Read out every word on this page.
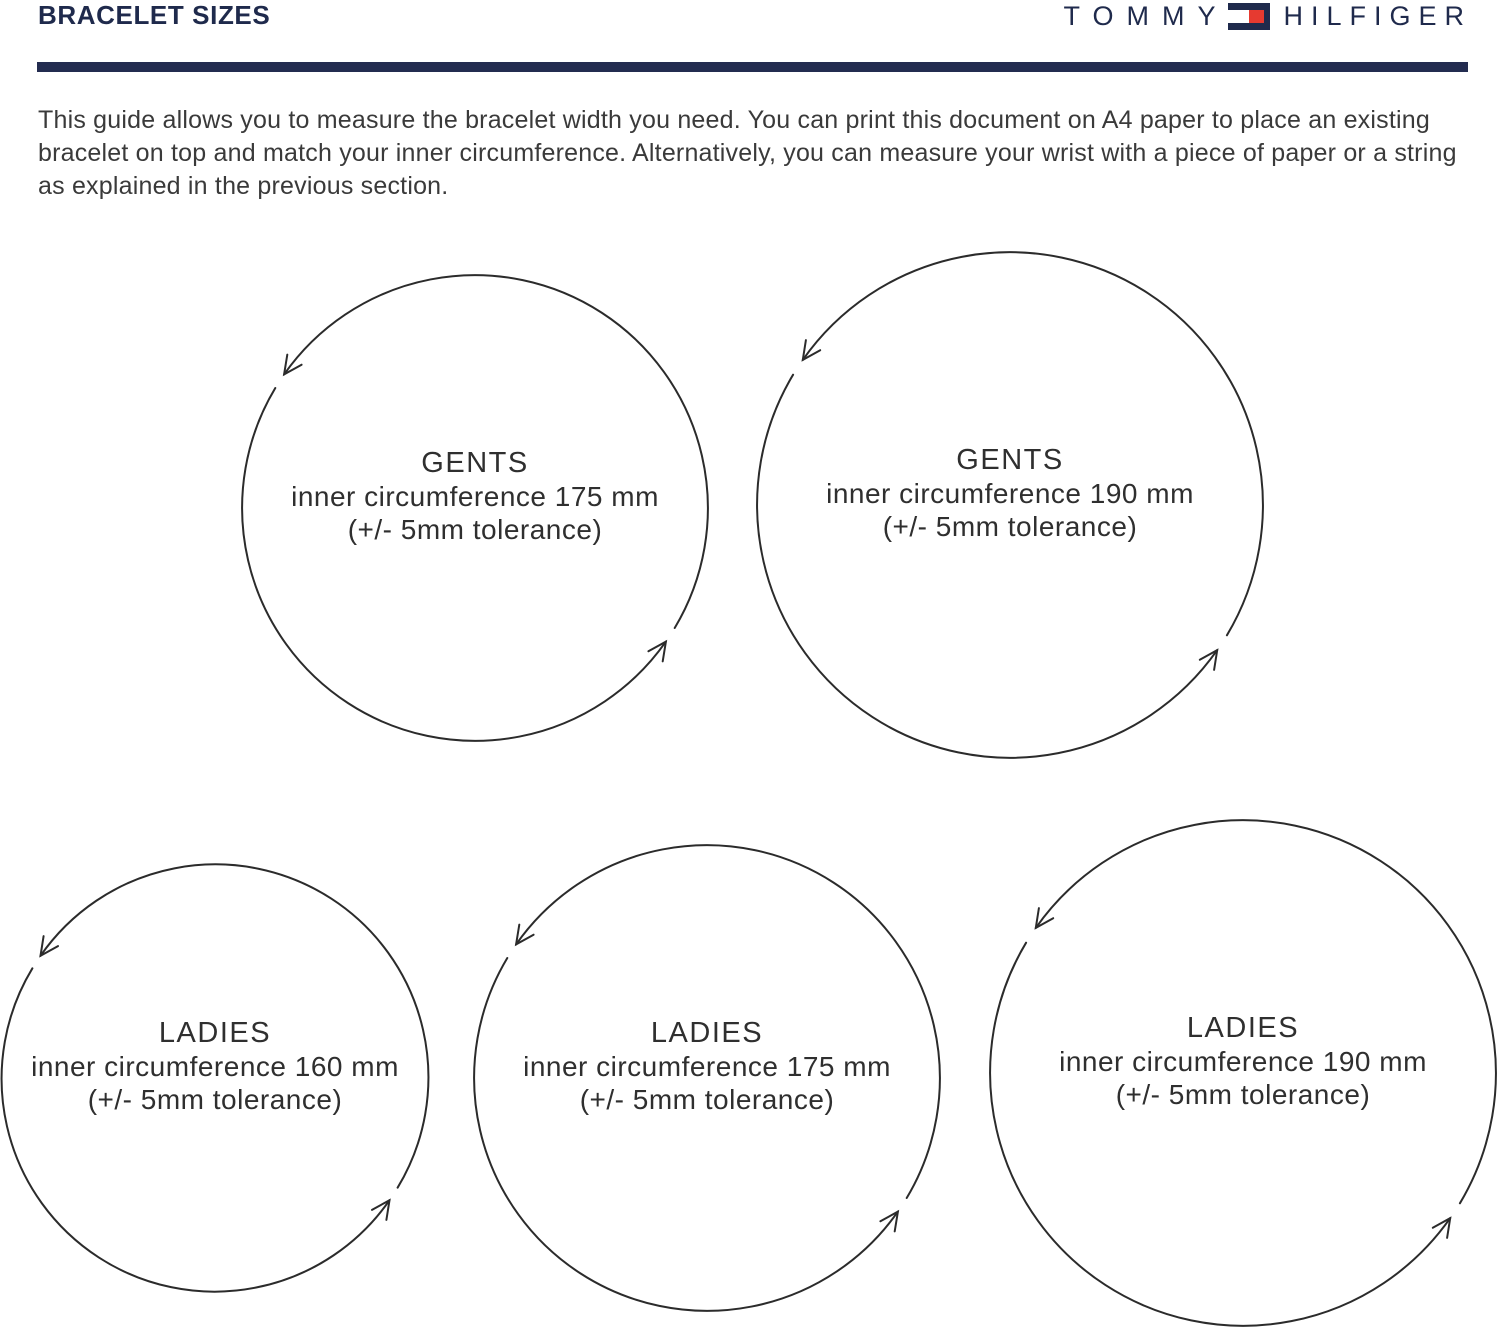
BRACELET SIZES	TOMMY HILFIGER

This guide allows you to measure the bracelet width you need. You can print this document on A4 paper to place an existing bracelet on top and match your inner circumference. Alternatively, you can measure your wrist with a piece of paper or a string as explained in the previous section.

GENTS
inner circumference 175 mm
(+/- 5mm tolerance)
GENTS
inner circumference 190 mm
(+/- 5mm tolerance)
LADIES
inner circumference 160 mm
(+/- 5mm tolerance)
LADIES
inner circumference 175 mm
(+/- 5mm tolerance)
LADIES
inner circumference 190 mm
(+/- 5mm tolerance)
